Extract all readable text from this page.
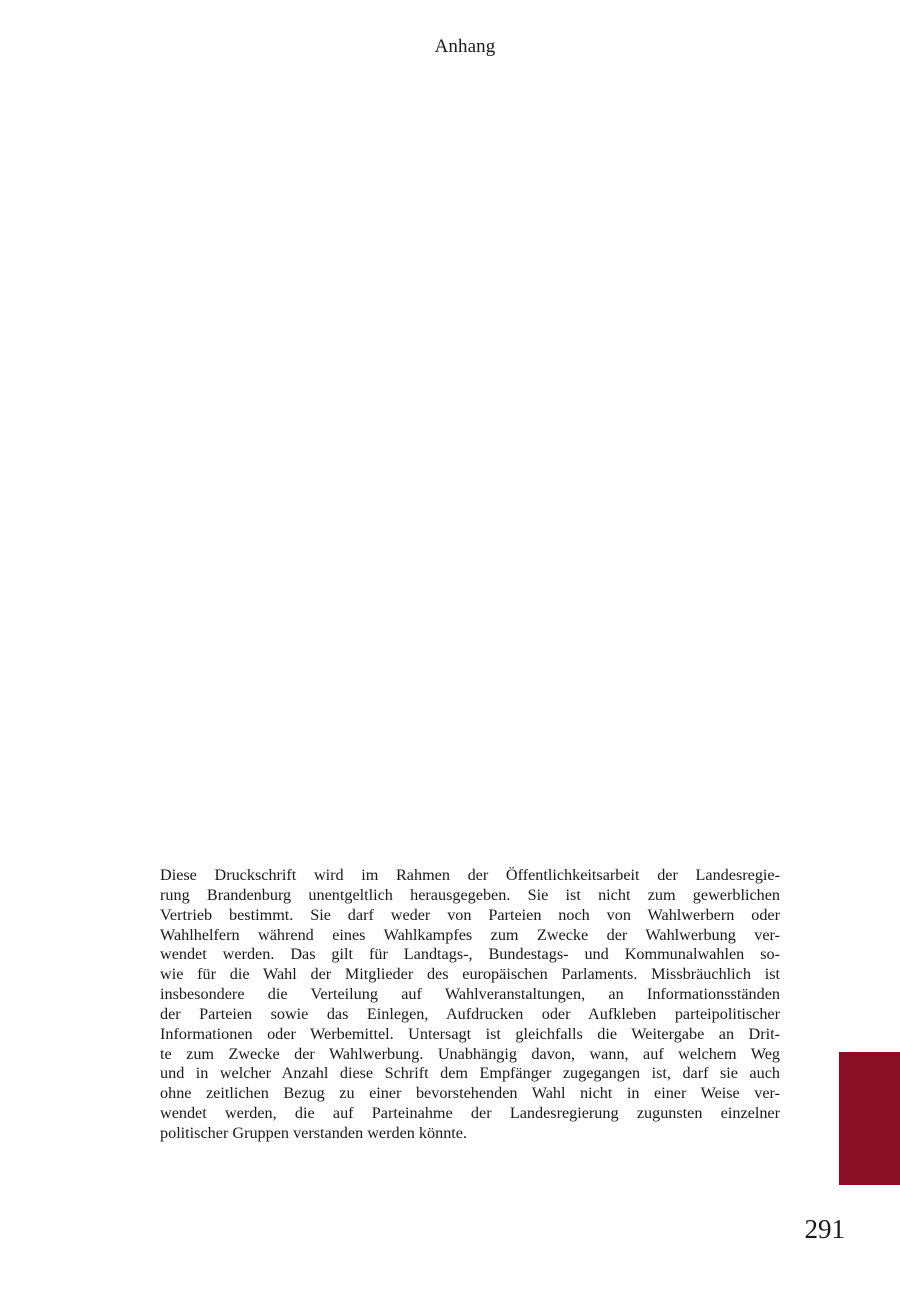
Anhang
Diese Druckschrift wird im Rahmen der Öffentlichkeitsarbeit der Landesregie-
rung Brandenburg unentgeltlich herausgegeben. Sie ist nicht zum gewerblichen
Vertrieb bestimmt. Sie darf weder von Parteien noch von Wahlwerbern oder
Wahlhelfern während eines Wahlkampfes zum Zwecke der Wahlwerbung ver-
wendet werden. Das gilt für Landtags-, Bundestags- und Kommunalwahlen so-
wie für die Wahl der Mitglieder des europäischen Parlaments. Missbräuchlich ist
insbesondere die Verteilung auf Wahlveranstaltungen, an Informationsständen
der Parteien sowie das Einlegen, Aufdrucken oder Aufkleben parteipolitischer
Informationen oder Werbemittel. Untersagt ist gleichfalls die Weitergabe an Drit-
te zum Zwecke der Wahlwerbung. Unabhängig davon, wann, auf welchem Weg
und in welcher Anzahl diese Schrift dem Empfänger zugegangen ist, darf sie auch
ohne zeitlichen Bezug zu einer bevorstehenden Wahl nicht in einer Weise ver-
wendet werden, die auf Parteinahme der Landesregierung zugunsten einzelner
politischer Gruppen verstanden werden könnte.
291
